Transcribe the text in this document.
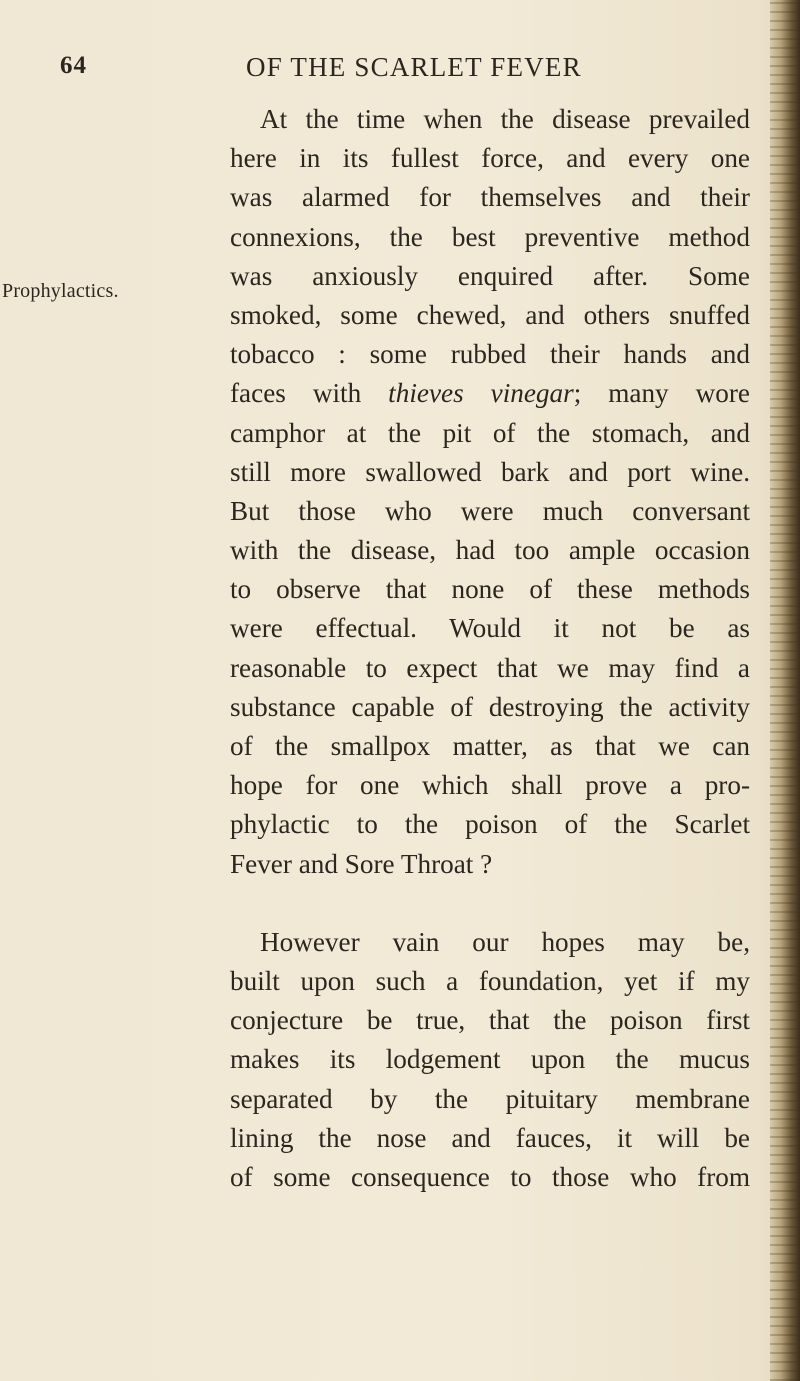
64	OF THE SCARLET FEVER
Prophylactics.
At the time when the disease prevailed
here in its fullest force, and every one
was alarmed for themselves and their
connexions, the best preventive method
was anxiously enquired after. Some
smoked, some chewed, and others snuffed
tobacco : some rubbed their hands and
faces with thieves vinegar; many wore
camphor at the pit of the stomach, and
still more swallowed bark and port wine.
But those who were much conversant
with the disease, had too ample occasion
to observe that none of these methods
were effectual. Would it not be as
reasonable to expect that we may find a
substance capable of destroying the activity
of the smallpox matter, as that we can
hope for one which shall prove a pro-
phylactic to the poison of the Scarlet
Fever and Sore Throat ?
However vain our hopes may be,
built upon such a foundation, yet if my
conjecture be true, that the poison first
makes its lodgement upon the mucus
separated by the pituitary membrane
lining the nose and fauces, it will be
of some consequence to those who from
